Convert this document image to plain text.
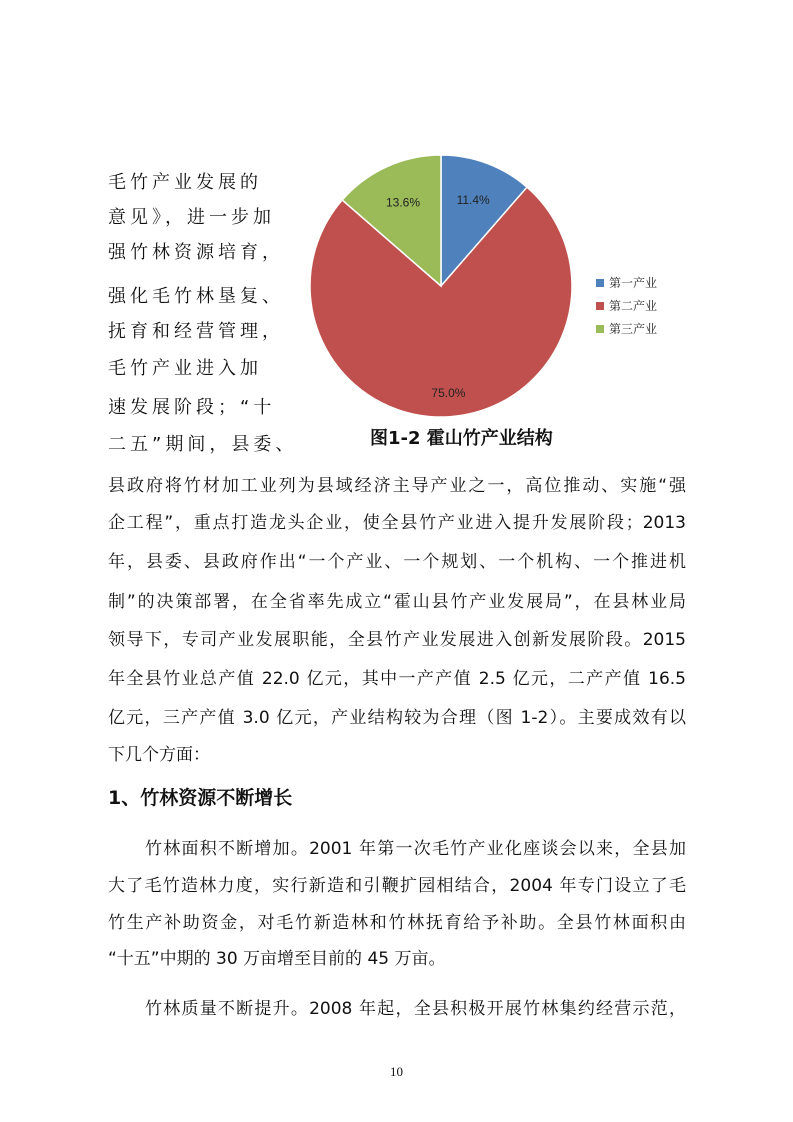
毛竹产业发展的
意见》，进一步加
强竹林资源培育，
强化毛竹林垦复、
抚育和经营管理，
毛竹产业进入加
速发展阶段；“十
二五”期间，县委、
11.4%
75.0%
13.6%
第一产业
第二产业
第三产业
图1-2 霍山竹产业结构
县政府将竹材加工业列为县域经济主导产业之一，高位推动、实施“强
企工程”，重点打造龙头企业，使全县竹产业进入提升发展阶段；2013
年，县委、县政府作出“一个产业、一个规划、一个机构、一个推进机
制”的决策部署，在全省率先成立“霍山县竹产业发展局”，在县林业局
领导下，专司产业发展职能，全县竹产业发展进入创新发展阶段。2015
年全县竹业总产值 22.0 亿元，其中一产产值 2.5 亿元，二产产值 16.5
亿元，三产产值 3.0 亿元，产业结构较为合理（图 1-2）。主要成效有以
下几个方面：
1、竹林资源不断增长
竹林面积不断增加。2001 年第一次毛竹产业化座谈会以来，全县加
大了毛竹造林力度，实行新造和引鞭扩园相结合，2004 年专门设立了毛
竹生产补助资金，对毛竹新造林和竹林抚育给予补助。全县竹林面积由
“十五”中期的 30 万亩增至目前的 45 万亩。
竹林质量不断提升。2008 年起，全县积极开展竹林集约经营示范，
10
